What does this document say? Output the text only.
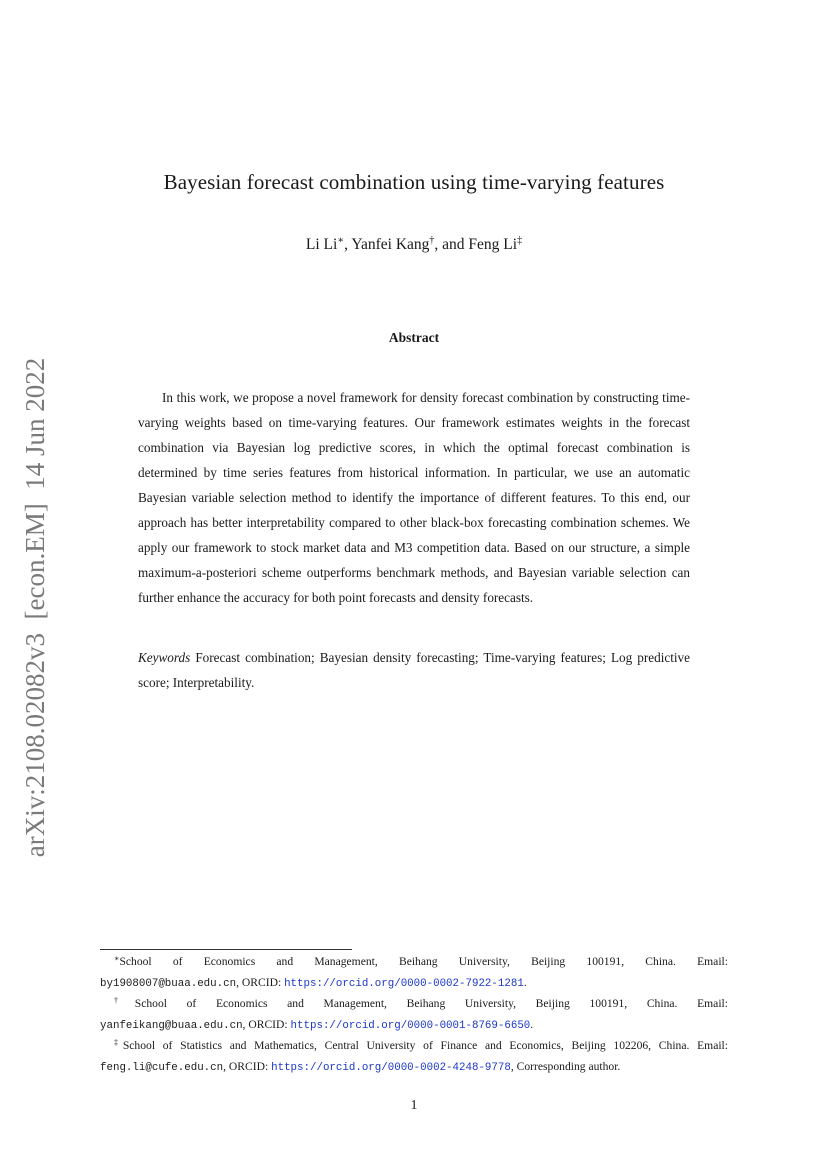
arXiv:2108.02082v3  [econ.EM]  14 Jun 2022
Bayesian forecast combination using time-varying features
Li Li∗, Yanfei Kang†, and Feng Li‡
Abstract

In this work, we propose a novel framework for density forecast combination by constructing time-varying weights based on time-varying features. Our framework estimates weights in the forecast combination via Bayesian log predictive scores, in which the optimal forecast combination is determined by time series features from historical information. In particular, we use an automatic Bayesian variable selection method to identify the importance of different features. To this end, our approach has better interpretability compared to other black-box forecasting combination schemes. We apply our framework to stock market data and M3 competition data. Based on our structure, a simple maximum-a-posteriori scheme outperforms benchmark methods, and Bayesian variable selection can further enhance the accuracy for both point forecasts and density forecasts.

Keywords Forecast combination; Bayesian density forecasting; Time-varying features; Log predictive score; Interpretability.

∗School of Economics and Management, Beihang University, Beijing 100191, China. Email: by1908007@buaa.edu.cn, ORCID: https://orcid.org/0000-0002-7922-1281.

†School of Economics and Management, Beihang University, Beijing 100191, China. Email: yanfeikang@buaa.edu.cn, ORCID: https://orcid.org/0000-0001-8769-6650.

‡School of Statistics and Mathematics, Central University of Finance and Economics, Beijing 102206, China. Email: feng.li@cufe.edu.cn, ORCID: https://orcid.org/0000-0002-4248-9778, Corresponding author.

1
